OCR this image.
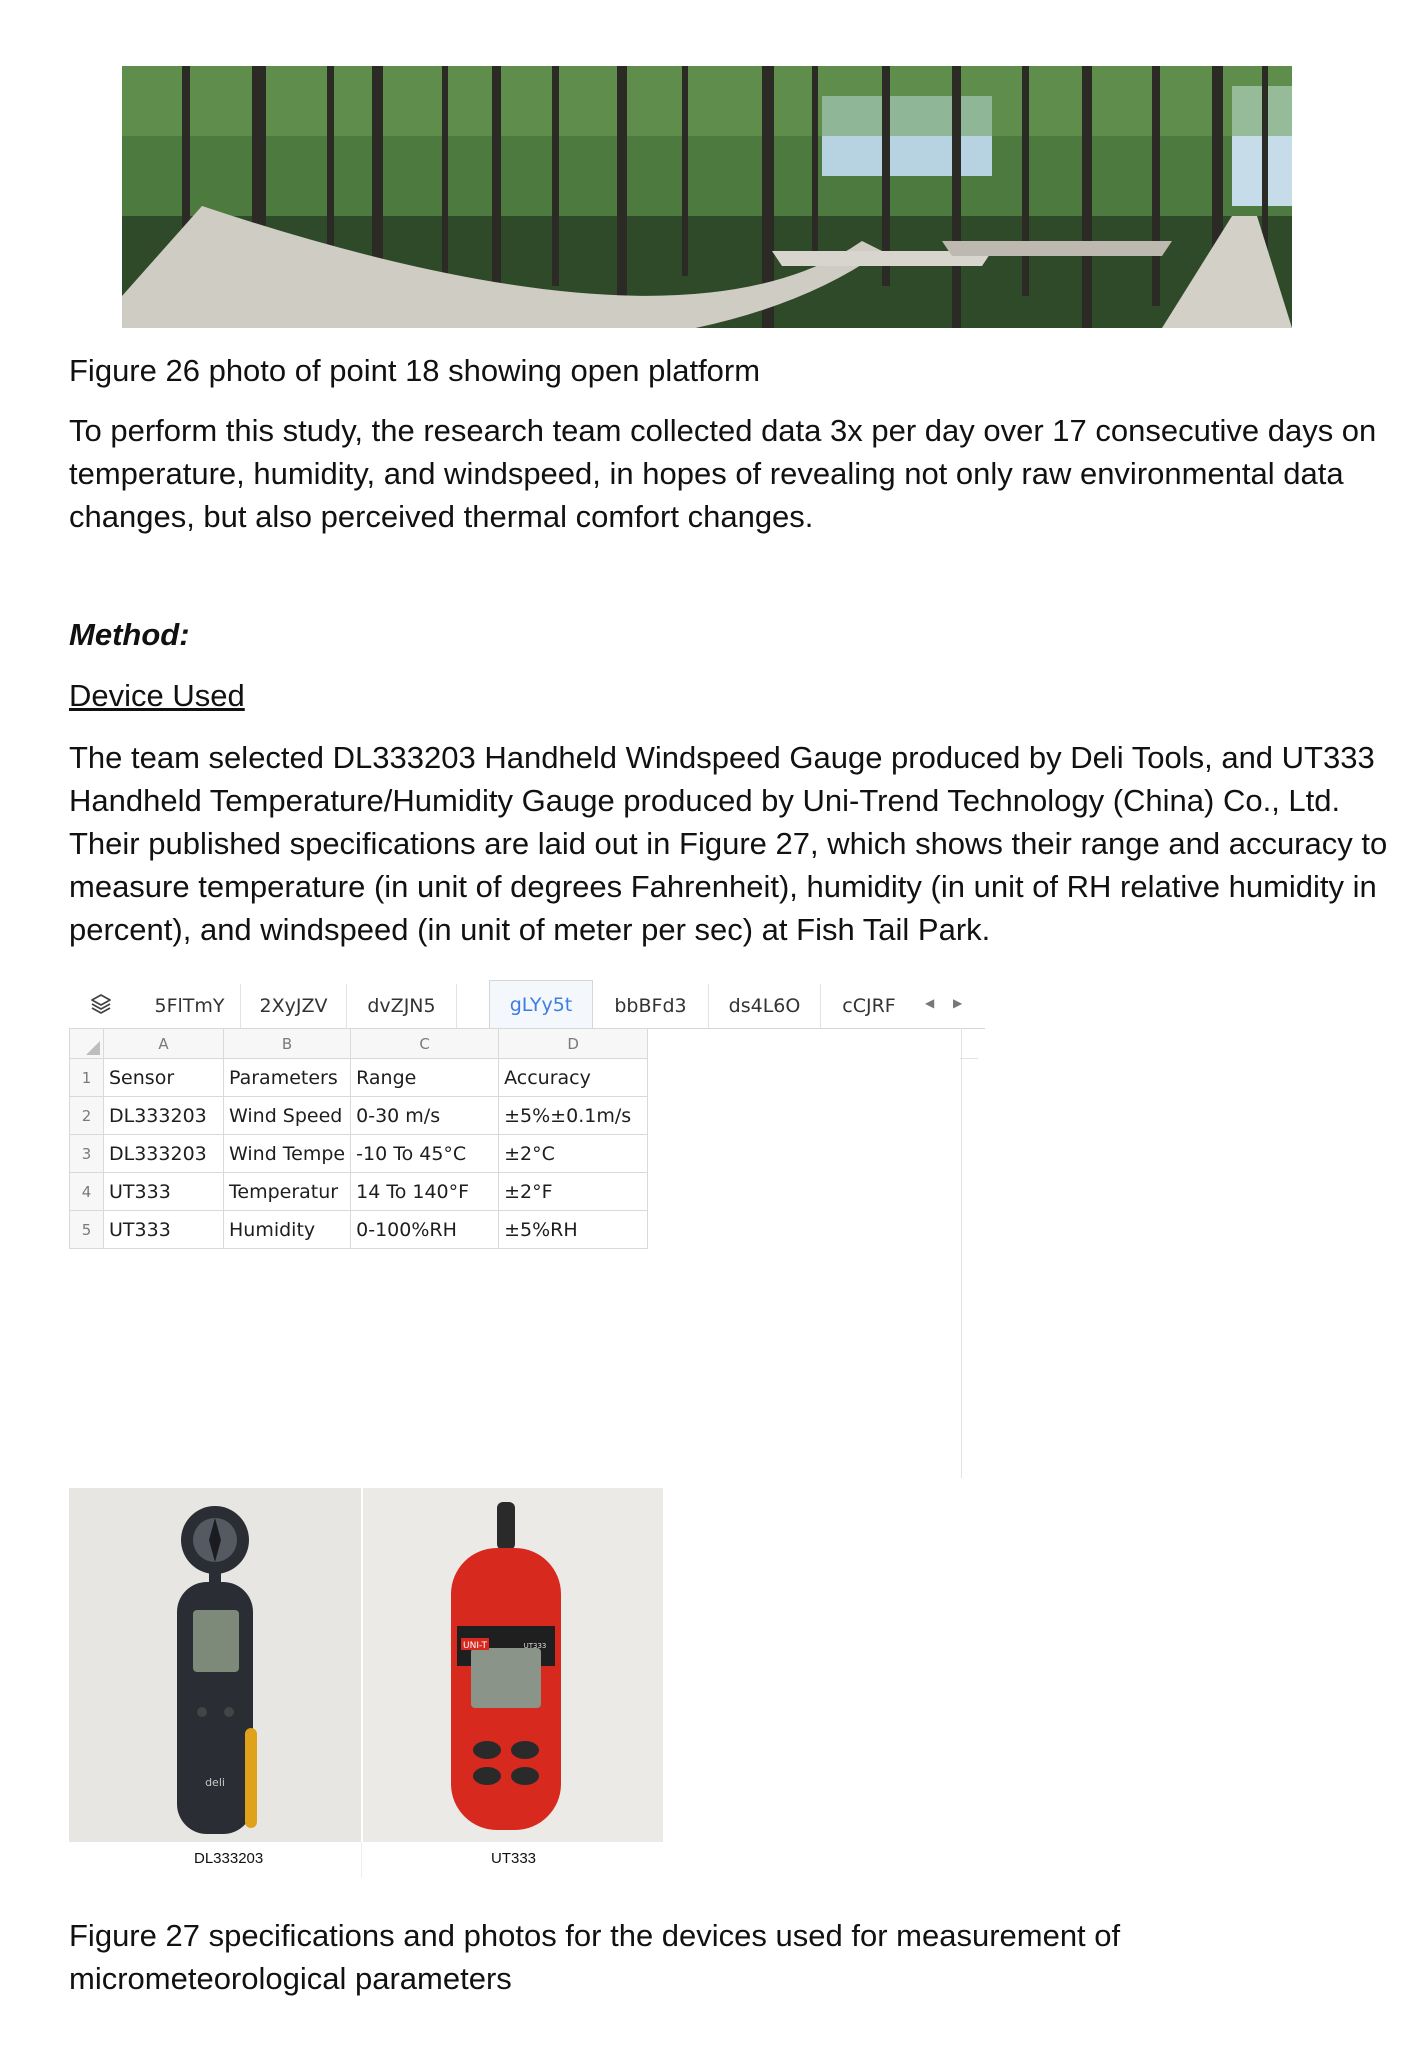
Figure 26 photo of point 18 showing open platform
To perform this study, the research team collected data 3x per day over 17 consecutive days on temperature, humidity, and windspeed, in hopes of revealing not only raw environmental data changes, but also perceived thermal comfort changes.
Method:
Device Used
The team selected DL333203 Handheld Windspeed Gauge produced by Deli Tools, and UT333 Handheld Temperature/Humidity Gauge produced by Uni-Trend Technology (China) Co., Ltd. Their published specifications are laid out in Figure 27, which shows their range and accuracy to measure temperature (in unit of degrees Fahrenheit), humidity (in unit of RH relative humidity in percent), and windspeed (in unit of meter per sec) at Fish Tail Park.
5FlTmY	2XyJZV	dvZJN5	gLYy5t	bbBFd3	ds4L6O	cCJRF	◀ ▶
	A	B	C	D
1	Sensor	Parameters	Range	Accuracy
2	DL333203	Wind Speed	0-30 m/s	±5%±0.1m/s
3	DL333203	Wind Tempe	-10 To 45°C	±2°C
4	UT333	Temperatur	14 To 140°F	±2°F
5	UT333	Humidity	0-100%RH	±5%RH
deli
UNI-T	UT333
DL333203	UT333
Figure 27 specifications and photos for the devices used for measurement of micrometeorological parameters
